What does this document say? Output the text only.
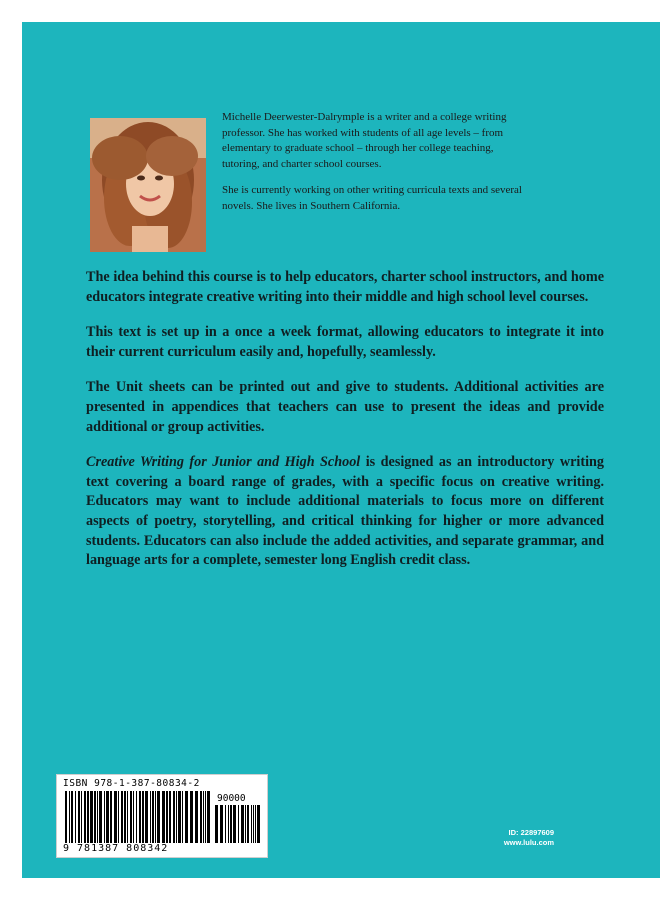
Michelle Deerwester-Dalrymple is a writer and a college writing professor. She has worked with students of all age levels – from elementary to graduate school – through her college teaching, tutoring, and charter school courses.

She is currently working on other writing curricula texts and several novels. She lives in Southern California.

The idea behind this course is to help educators, charter school instructors, and home educators integrate creative writing into their middle and high school level courses.

This text is set up in a once a week format, allowing educators to integrate it into their current curriculum easily and, hopefully, seamlessly.

The Unit sheets can be printed out and give to students. Additional activities are presented in appendices that teachers can use to present the ideas and provide additional or group activities.

Creative Writing for Junior and High School is designed as an introductory writing text covering a board range of grades, with a specific focus on creative writing. Educators may want to include additional materials to focus more on different aspects of poetry, storytelling, and critical thinking for higher or more advanced students. Educators can also include the added activities, and separate grammar, and language arts for a complete, semester long English credit class.

ISBN 978-1-387-80834-2
90000
9 781387 808342
ID: 22897609
www.lulu.com
